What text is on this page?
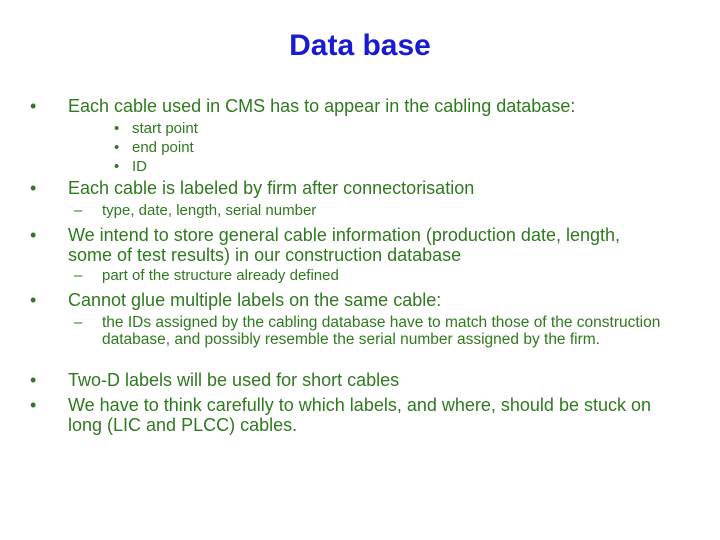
Data base
• Each cable used in CMS has to appear in the cabling database:
• start point
• end point
• ID
• Each cable is labeled by firm after connectorisation
– type, date, length, serial number
• We intend to store general cable information (production date, length, some of test results) in our construction database
– part of the structure already defined
• Cannot glue multiple labels on the same cable:
– the IDs assigned by the cabling database have to match those of the construction database, and possibly resemble the serial number assigned by the firm.
• Two-D labels will be used for short cables
• We have to think carefully to which labels, and where, should be stuck on long (LIC and PLCC) cables.
